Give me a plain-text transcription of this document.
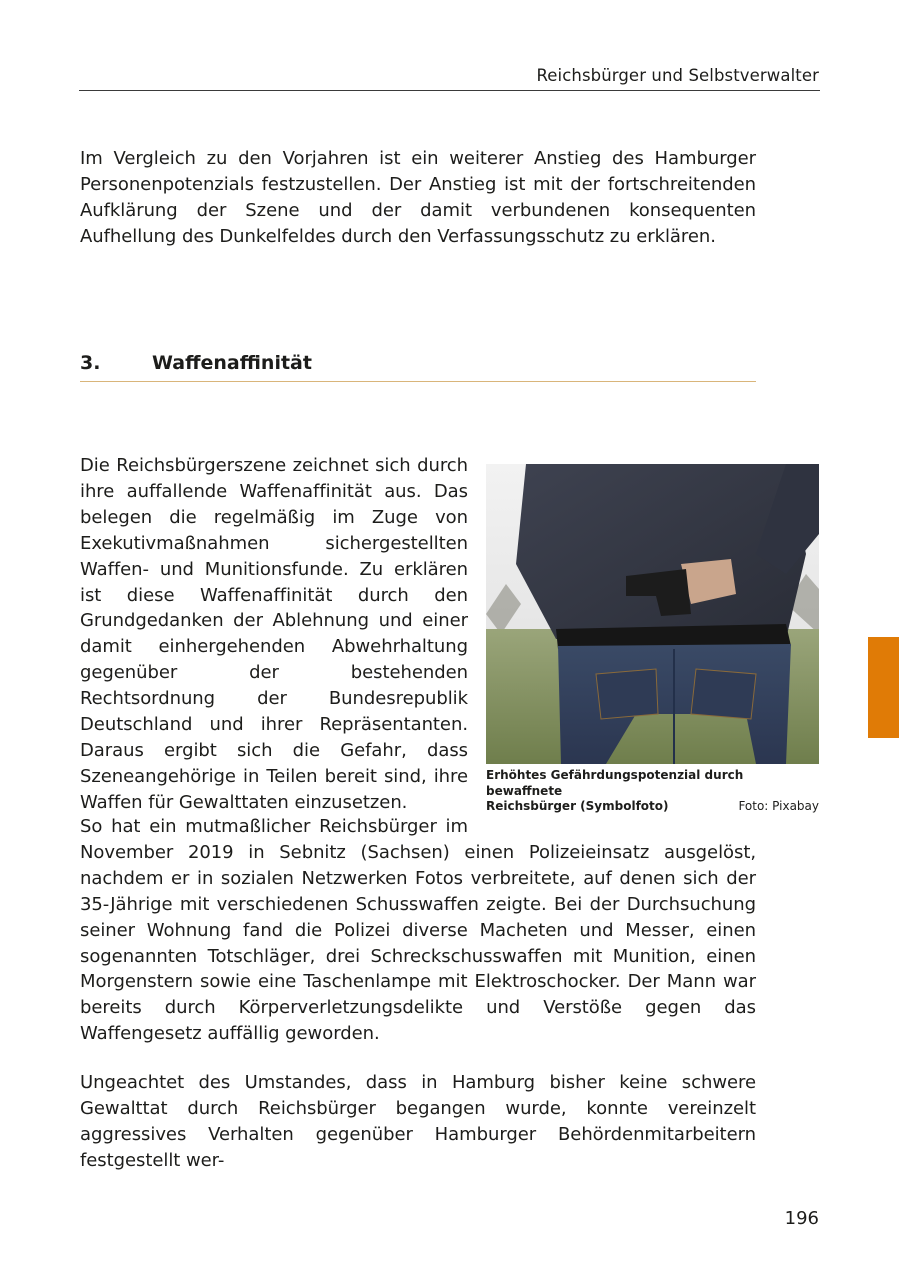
Reichsbürger und Selbstverwalter

Im Vergleich zu den Vorjahren ist ein weiterer Anstieg des Hamburger Personenpotenzials festzustellen. Der Anstieg ist mit der fortschreitenden Aufklärung der Szene und der damit verbundenen konsequenten Aufhellung des Dunkelfeldes durch den Verfassungsschutz zu erklären.

3.	Waffenaffinität

Die Reichsbürgerszene zeichnet sich durch ihre auffallende Waffenaffinität aus. Das belegen die regelmäßig im Zuge von Exekutivmaßnahmen sichergestellten Waffen- und Munitionsfunde. Zu erklären ist diese Waffenaffinität durch den Grundgedanken der Ablehnung und einer damit einhergehenden Abwehrhaltung gegenüber der bestehenden Rechtsordnung der Bundesrepublik Deutschland und ihrer Repräsentanten. Daraus ergibt sich die Gefahr, dass Szeneangehörige in Teilen bereit sind, ihre Waffen für Gewalttaten einzusetzen.

Erhöhtes Gefährdungspotenzial durch bewaffnete
Reichsbürger (Symbolfoto)	Foto: Pixabay

So hat ein mutmaßlicher Reichsbürger im
November 2019 in Sebnitz (Sachsen) einen Polizeieinsatz ausgelöst, nachdem er in sozialen Netzwerken Fotos verbreitete, auf denen sich der 35-Jährige mit verschiedenen Schusswaffen zeigte. Bei der Durchsuchung seiner Wohnung fand die Polizei diverse Macheten und Messer, einen sogenannten Totschläger, drei Schreckschusswaffen mit Munition, einen Morgenstern sowie eine Taschenlampe mit Elektroschocker. Der Mann war bereits durch Körperverletzungsdelikte und Verstöße gegen das Waffengesetz auffällig geworden.

Ungeachtet des Umstandes, dass in Hamburg bisher keine schwere Gewalttat durch Reichsbürger begangen wurde, konnte vereinzelt aggressives Verhalten gegenüber Hamburger Behördenmitarbeitern festgestellt wer-

196
